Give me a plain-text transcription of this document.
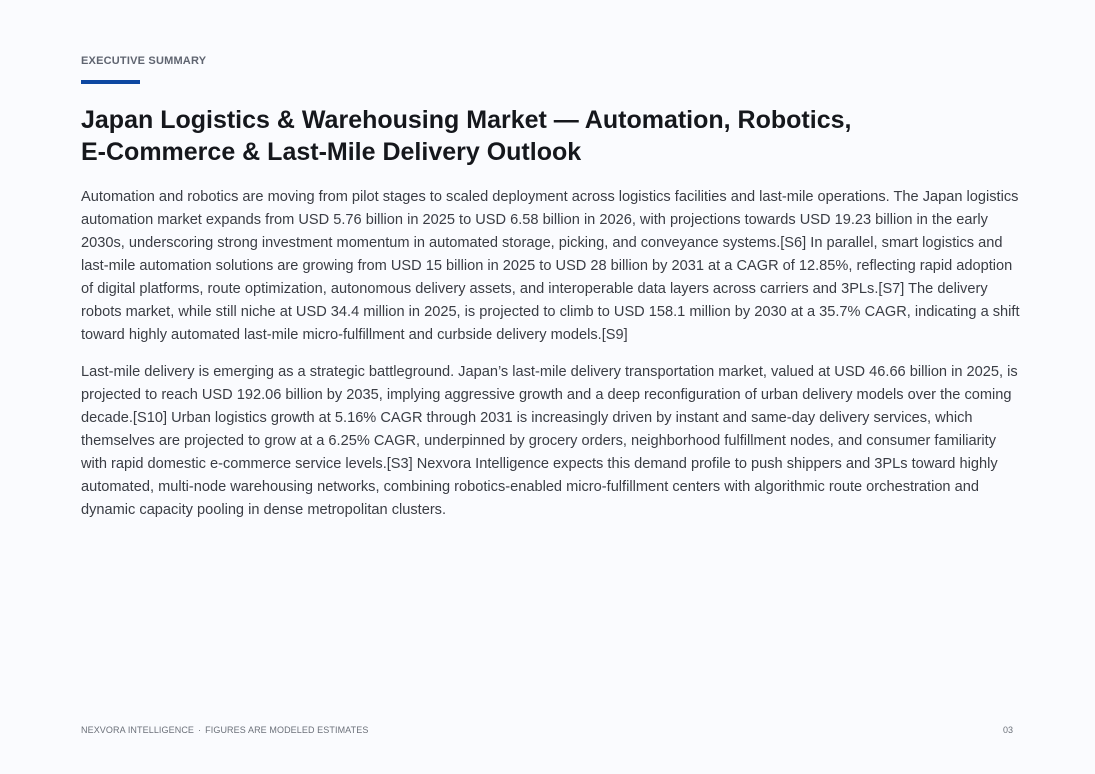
EXECUTIVE SUMMARY
Japan Logistics & Warehousing Market — Automation, Robotics,
E-Commerce & Last-Mile Delivery Outlook

Automation and robotics are moving from pilot stages to scaled deployment across logistics facilities and last-mile operations. The Japan logistics automation market expands from USD 5.76 billion in 2025 to USD 6.58 billion in 2026, with projections towards USD 19.23 billion in the early 2030s, underscoring strong investment momentum in automated storage, picking, and conveyance systems.[S6] In parallel, smart logistics and last-mile automation solutions are growing from USD 15 billion in 2025 to USD 28 billion by 2031 at a CAGR of 12.85%, reflecting rapid adoption of digital platforms, route optimization, autonomous delivery assets, and interoperable data layers across carriers and 3PLs.[S7] The delivery robots market, while still niche at USD 34.4 million in 2025, is projected to climb to USD 158.1 million by 2030 at a 35.7% CAGR, indicating a shift toward highly automated last-mile micro-fulfillment and curbside delivery models.[S9]

Last-mile delivery is emerging as a strategic battleground. Japan’s last-mile delivery transportation market, valued at USD 46.66 billion in 2025, is projected to reach USD 192.06 billion by 2035, implying aggressive growth and a deep reconfiguration of urban delivery models over the coming decade.[S10] Urban logistics growth at 5.16% CAGR through 2031 is increasingly driven by instant and same-day delivery services, which themselves are projected to grow at a 6.25% CAGR, underpinned by grocery orders, neighborhood fulfillment nodes, and consumer familiarity with rapid domestic e-commerce service levels.[S3] Nexvora Intelligence expects this demand profile to push shippers and 3PLs toward highly automated, multi-node warehousing networks, combining robotics-enabled micro-fulfillment centers with algorithmic route orchestration and dynamic capacity pooling in dense metropolitan clusters.

NEXVORA INTELLIGENCE · FIGURES ARE MODELED ESTIMATES	03
